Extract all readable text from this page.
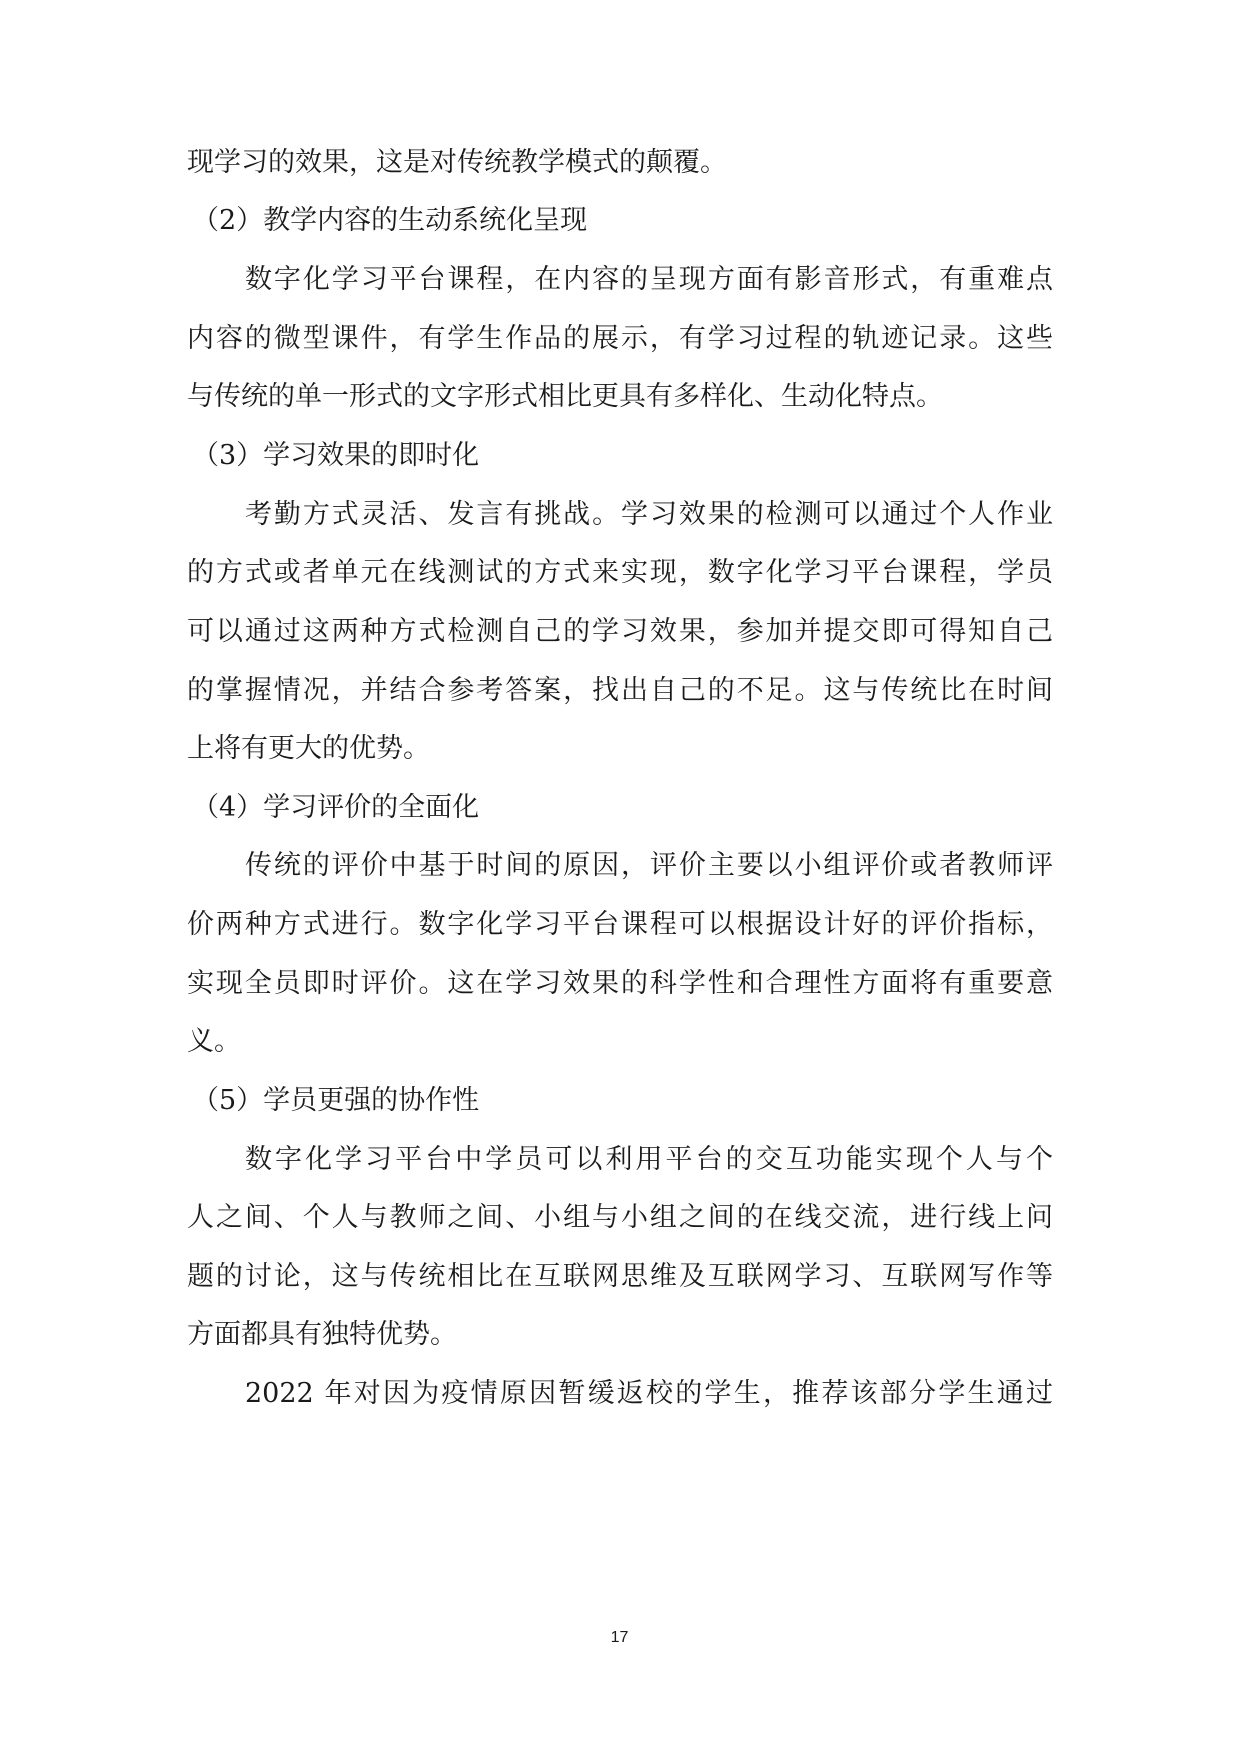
现学习的效果，这是对传统教学模式的颠覆。
（2）教学内容的生动系统化呈现
数字化学习平台课程，在内容的呈现方面有影音形式，有重难点
内容的微型课件，有学生作品的展示，有学习过程的轨迹记录。这些
与传统的单一形式的文字形式相比更具有多样化、生动化特点。
（3）学习效果的即时化
考勤方式灵活、发言有挑战。学习效果的检测可以通过个人作业
的方式或者单元在线测试的方式来实现，数字化学习平台课程，学员
可以通过这两种方式检测自己的学习效果，参加并提交即可得知自己
的掌握情况，并结合参考答案，找出自己的不足。这与传统比在时间
上将有更大的优势。
（4）学习评价的全面化
传统的评价中基于时间的原因，评价主要以小组评价或者教师评
价两种方式进行。数字化学习平台课程可以根据设计好的评价指标，
实现全员即时评价。这在学习效果的科学性和合理性方面将有重要意
义。
（5）学员更强的协作性
数字化学习平台中学员可以利用平台的交互功能实现个人与个
人之间、个人与教师之间、小组与小组之间的在线交流，进行线上问
题的讨论，这与传统相比在互联网思维及互联网学习、互联网写作等
方面都具有独特优势。
2022 年对因为疫情原因暂缓返校的学生，推荐该部分学生通过
17
